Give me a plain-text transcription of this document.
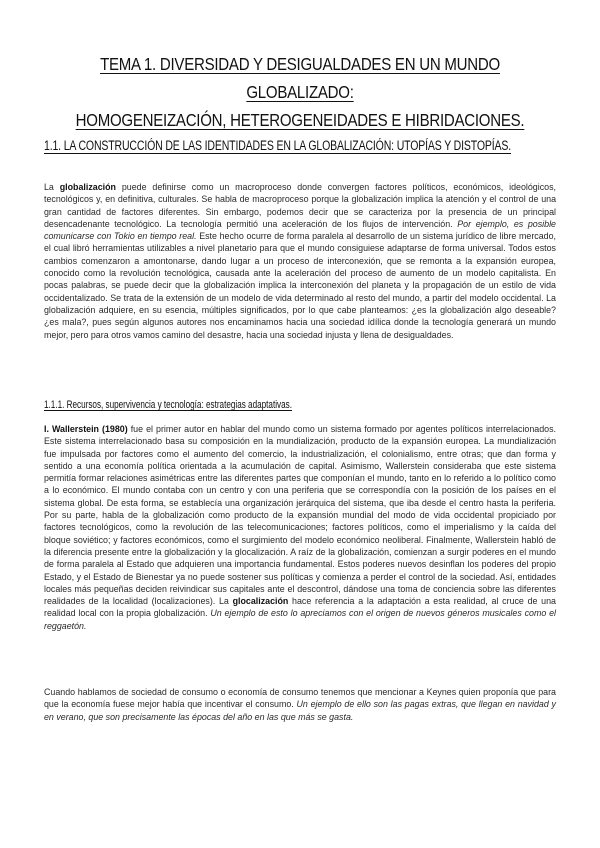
TEMA 1. DIVERSIDAD Y DESIGUALDADES EN UN MUNDO GLOBALIZADO:
HOMOGENEIZACIÓN, HETEROGENEIDADES E HIBRIDACIONES.
1.1. LA CONSTRUCCIÓN DE LAS IDENTIDADES EN LA GLOBALIZACIÓN: UTOPÍAS Y DISTOPÍAS.

La globalización puede definirse como un macroproceso donde convergen factores políticos, económicos, ideológicos, tecnológicos y, en definitiva, culturales. Se habla de macroproceso porque la globalización implica la atención y el control de una gran cantidad de factores diferentes. Sin embargo, podemos decir que se caracteriza por la presencia de un principal desencadenante tecnológico. La tecnología permitió una aceleración de los flujos de intervención. Por ejemplo, es posible comunicarse con Tokio en tiempo real. Este hecho ocurre de forma paralela al desarrollo de un sistema jurídico de libre mercado, el cual libró herramientas utilizables a nivel planetario para que el mundo consiguiese adaptarse de forma universal. Todos estos cambios comenzaron a amontonarse, dando lugar a un proceso de interconexión, que se remonta a la expansión europea, conocido como la revolución tecnológica, causada ante la aceleración del proceso de aumento de un modelo capitalista. En pocas palabras, se puede decir que la globalización implica la interconexión del planeta y la propagación de un estilo de vida occidentalizado. Se trata de la extensión de un modelo de vida determinado al resto del mundo, a partir del modelo occidental. La globalización adquiere, en su esencia, múltiples significados, por lo que cabe planteamos: ¿es la globalización algo deseable? ¿es mala?, pues según algunos autores nos encaminamos hacia una sociedad idílica donde la tecnología generará un mundo mejor, pero para otros vamos camino del desastre, hacia una sociedad injusta y llena de desigualdades.

1.1.1. Recursos, supervivencia y tecnología: estrategias adaptativas.

I. Wallerstein (1980) fue el primer autor en hablar del mundo como un sistema formado por agentes políticos interrelacionados. Este sistema interrelacionado basa su composición en la mundialización, producto de la expansión europea. La mundialización fue impulsada por factores como el aumento del comercio, la industrialización, el colonialismo, entre otras; que dan forma y sentido a una economía política orientada a la acumulación de capital. Asimismo, Wallerstein consideraba que este sistema permitía formar relaciones asimétricas entre las diferentes partes que componían el mundo, tanto en lo referido a lo político como a lo económico. El mundo contaba con un centro y con una periferia que se correspondía con la posición de los países en el sistema global. De esta forma, se establecía una organización jerárquica del sistema, que iba desde el centro hasta la periferia. Por su parte, habla de la globalización como producto de la expansión mundial del modo de vida occidental propiciado por factores tecnológicos, como la revolución de las telecomunicaciones; factores políticos, como el imperialismo y la caída del bloque soviético; y factores económicos, como el surgimiento del modelo económico neoliberal. Finalmente, Wallerstein habló de la diferencia presente entre la globalización y la glocalización. A raíz de la globalización, comienzan a surgir poderes en el mundo de forma paralela al Estado que adquieren una importancia fundamental. Estos poderes nuevos desinflan los poderes del propio Estado, y el Estado de Bienestar ya no puede sostener sus políticas y comienza a perder el control de la sociedad. Así, entidades locales más pequeñas deciden reivindicar sus capitales ante el descontrol, dándose una toma de conciencia sobre las diferentes realidades de la localidad (localizaciones). La glocalización hace referencia a la adaptación a esta realidad, al cruce de una realidad local con la propia globalización. Un ejemplo de esto lo apreciamos con el origen de nuevos géneros musicales como el reggaetón.

Cuando hablamos de sociedad de consumo o economía de consumo tenemos que mencionar a Keynes quien proponía que para que la economía fuese mejor había que incentivar el consumo. Un ejemplo de ello son las pagas extras, que llegan en navidad y en verano, que son precisamente las épocas del año en las que más se gasta.
